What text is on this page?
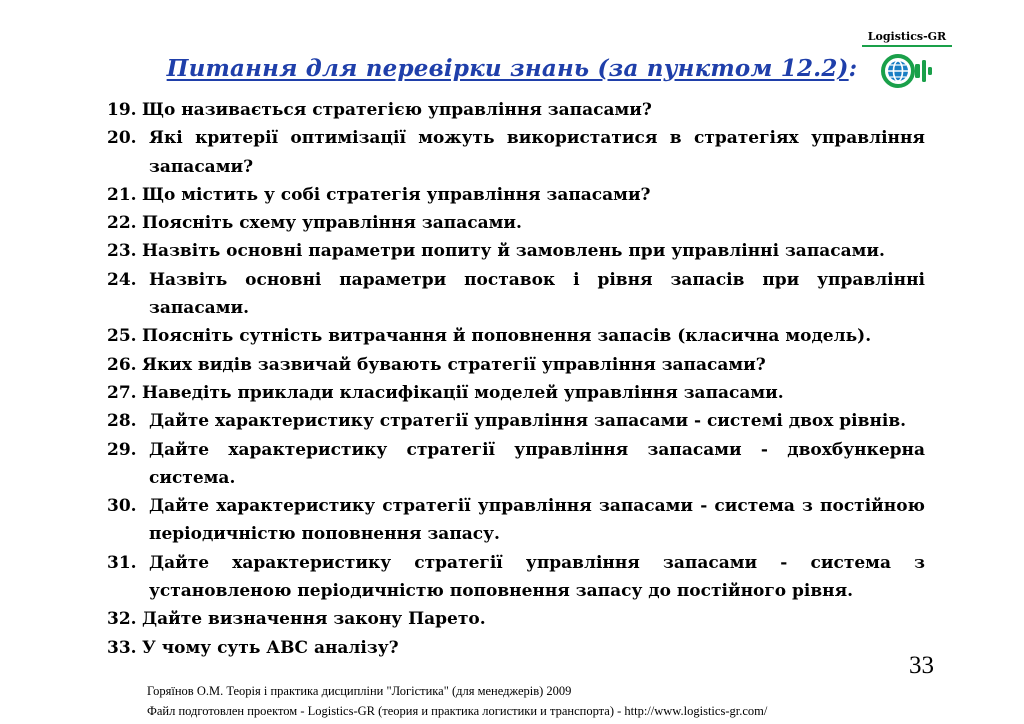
Logistics-GR
Питання для перевірки знань (за пунктом 12.2):
19. Що називається стратегією управління запасами?
20. Які критерії оптимізації можуть використатися в стратегіях управління запасами?
21. Що містить у собі стратегія управління запасами?
22. Поясніть схему управління запасами.
23. Назвіть основні параметри попиту й замовлень при управлінні запасами.
24. Назвіть основні параметри поставок і рівня запасів при управлінні запасами.
25. Поясніть сутність витрачання й поповнення запасів (класична модель).
26. Яких видів зазвичай бувають стратегії управління запасами?
27. Наведіть приклади класифікації моделей управління запасами.
28. Дайте характеристику стратегії управління запасами - системі двох рівнів.
29. Дайте характеристику стратегії управління запасами - двохбункерна система.
30. Дайте характеристику стратегії управління запасами - система з постійною періодичністю поповнення запасу.
31. Дайте характеристику стратегії управління запасами - система з установленою періодичністю поповнення запасу до постійного рівня.
32. Дайте визначення закону Парето.
33. У чому суть АВС аналізу?
33
Горяїнов О.М. Теорія і практика дисципліни "Логістика" (для менеджерів) 2009
Файл подготовлен проектом - Logistics-GR (теория и практика логистики и транспорта) - http://www.logistics-gr.com/
